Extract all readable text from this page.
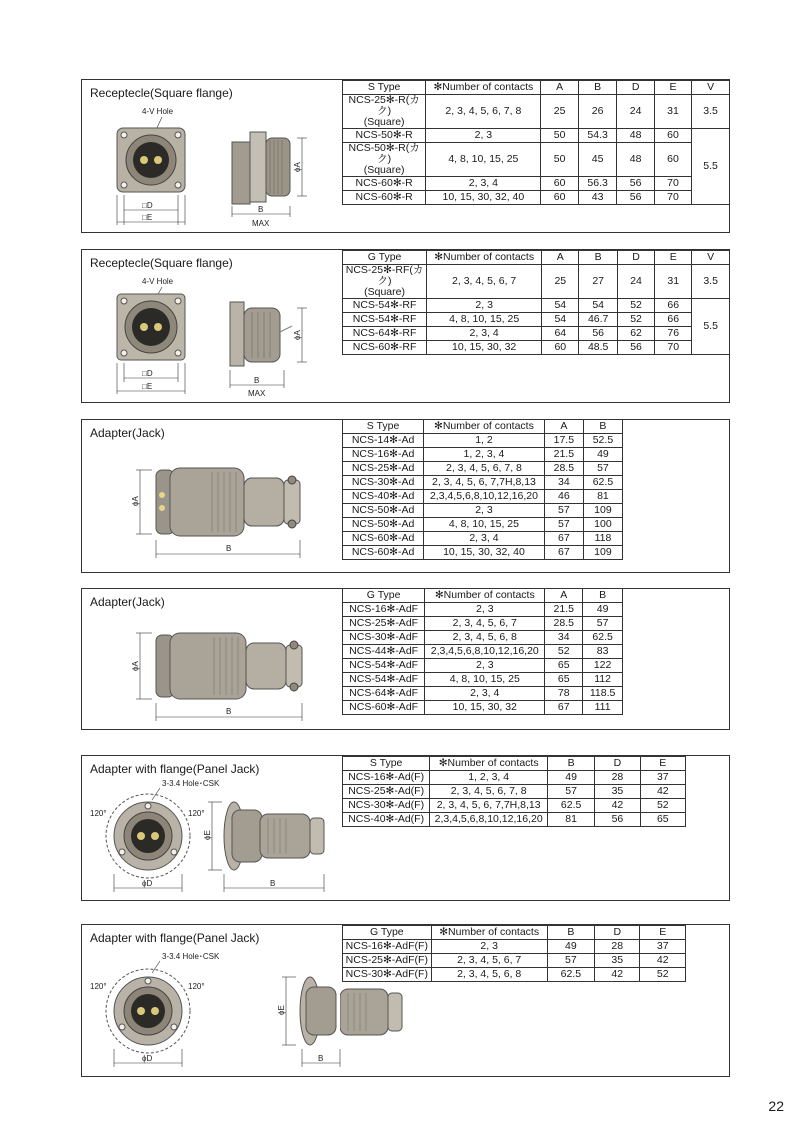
Receptecle(Square flange)
4-V Hole
□D
□E
ϕA
B
MAX
S Type	✻Number of contacts	A	B	D	E	V
NCS-25✻-R(カク)
(Square)	2, 3, 4, 5, 6, 7, 8	25	26	24	31	3.5
NCS-50✻-R	2, 3	50	54.3	48	60	5.5
NCS-50✻-R(カク)
(Square)	4, 8, 10, 15, 25	50	45	48	60	
NCS-60✻-R	2, 3, 4	60	56.3	56	70	
NCS-60✻-R	10, 15, 30, 32, 40	60	43	56	70	
Receptecle(Square flange)
4-V Hole
□D
□E
ϕA
B
MAX
G Type	✻Number of contacts	A	B	D	E	V
NCS-25✻-RF(カク)
(Square)	2, 3, 4, 5, 6, 7	25	27	24	31	3.5
NCS-54✻-RF	2, 3	54	54	52	66	5.5
NCS-54✻-RF	4, 8, 10, 15, 25	54	46.7	52	66	
NCS-64✻-RF	2, 3, 4	64	56	62	76	
NCS-60✻-RF	10, 15, 30, 32	60	48.5	56	70	
Adapter(Jack)
ϕA
B
S Type	✻Number of contacts	A	B
NCS-14✻-Ad	1, 2	17.5	52.5
NCS-16✻-Ad	1, 2, 3, 4	21.5	49
NCS-25✻-Ad	2, 3, 4, 5, 6, 7, 8	28.5	57
NCS-30✻-Ad	2, 3, 4, 5, 6, 7,7H,8,13	34	62.5
NCS-40✻-Ad	2,3,4,5,6,8,10,12,16,20	46	81
NCS-50✻-Ad	2, 3	57	109
NCS-50✻-Ad	4, 8, 10, 15, 25	57	100
NCS-60✻-Ad	2, 3, 4	67	118
NCS-60✻-Ad	10, 15, 30, 32, 40	67	109
Adapter(Jack)
ϕA
B
G Type	✻Number of contacts	A	B
NCS-16✻-AdF	2, 3	21.5	49
NCS-25✻-AdF	2, 3, 4, 5, 6, 7	28.5	57
NCS-30✻-AdF	2, 3, 4, 5, 6, 8	34	62.5
NCS-44✻-AdF	2,3,4,5,6,8,10,12,16,20	52	83
NCS-54✻-AdF	2, 3	65	122
NCS-54✻-AdF	4, 8, 10, 15, 25	65	112
NCS-64✻-AdF	2, 3, 4	78	118.5
NCS-60✻-AdF	10, 15, 30, 32	67	111
Adapter with flange(Panel Jack)
3-3.4 Hole･CSK
120°	120°
ϕD
ϕE
B
S Type	✻Number of contacts	B	D	E
NCS-16✻-Ad(F)	1, 2, 3, 4	49	28	37
NCS-25✻-Ad(F)	2, 3, 4, 5, 6, 7, 8	57	35	42
NCS-30✻-Ad(F)	2, 3, 4, 5, 6, 7,7H,8,13	62.5	42	52
NCS-40✻-Ad(F)	2,3,4,5,6,8,10,12,16,20	81	56	65
Adapter with flange(Panel Jack)
3-3.4 Hole･CSK
120°	120°
ϕD
ϕE
B
G Type	✻Number of contacts	B	D	E
NCS-16✻-AdF(F)	2, 3	49	28	37
NCS-25✻-AdF(F)	2, 3, 4, 5, 6, 7	57	35	42
NCS-30✻-AdF(F)	2, 3, 4, 5, 6, 8	62.5	42	52
22
